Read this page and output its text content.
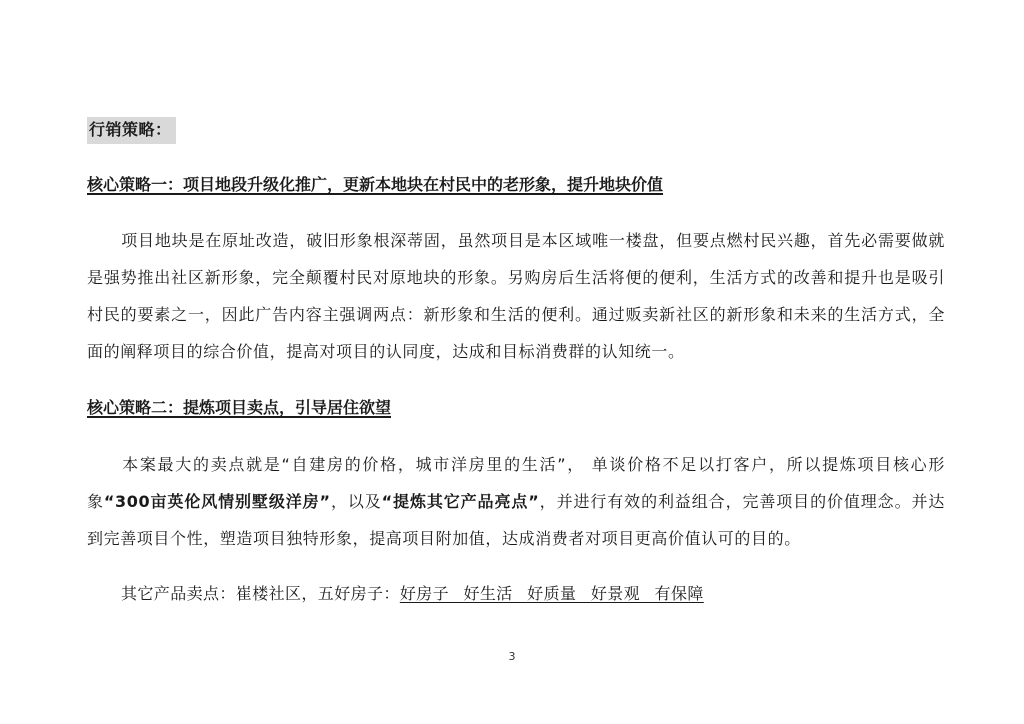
行销策略：
核心策略一：项目地段升级化推广，更新本地块在村民中的老形象，提升地块价值

项目地块是在原址改造，破旧形象根深蒂固，虽然项目是本区域唯一楼盘，但要点燃村民兴趣，首先必需要做就是强势推出社区新形象，完全颠覆村民对原地块的形象。另购房后生活将便的便利，生活方式的改善和提升也是吸引村民的要素之一，因此广告内容主强调两点：新形象和生活的便利。通过贩卖新社区的新形象和未来的生活方式，全面的阐释项目的综合价值，提高对项目的认同度，达成和目标消费群的认知统一。

核心策略二：提炼项目卖点，引导居住欲望

本案最大的卖点就是“自建房的价格，城市洋房里的生活”， 单谈价格不足以打客户，所以提炼项目核心形象“300亩英伦风情别墅级洋房”，以及“提炼其它产品亮点”，并进行有效的利益组合，完善项目的价值理念。并达到完善项目个性，塑造项目独特形象，提高项目附加值，达成消费者对项目更高价值认可的目的。

其它产品卖点：崔楼社区，五好房子：好房子 好生活 好质量 好景观 有保障
3
